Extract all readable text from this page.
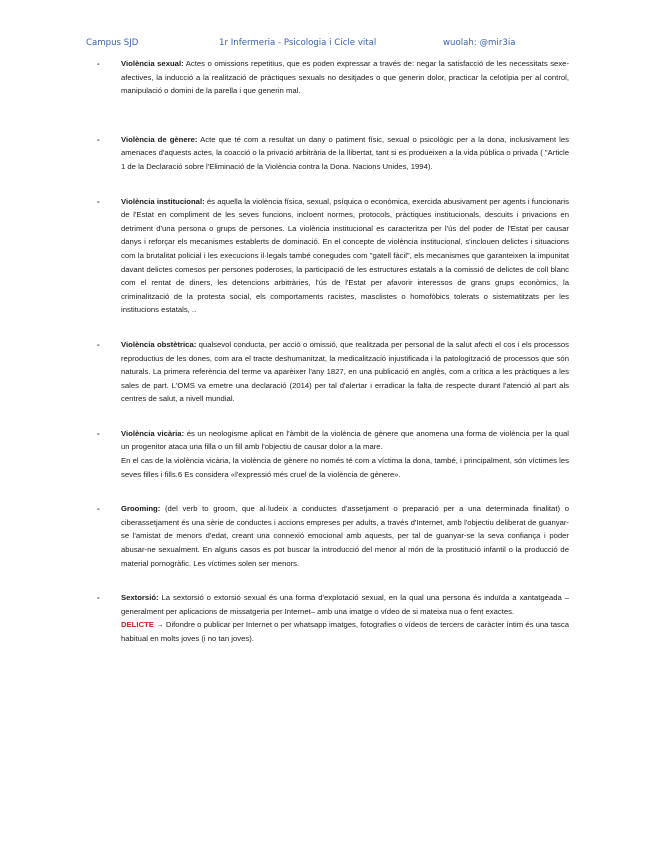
Campus SJD	1r Infermeria - Psicologia i Cicle vital	wuolah: @mir3ia
-	Violència sexual: Actes o omissions repetitius, que es poden expressar a través de: negar la satisfacció de les necessitats sexe-afectives, la inducció a la realització de pràctiques sexuals no desitjades o que generin dolor, practicar la celotípia per al control, manipulació o domini de la parella i que generin mal.
-	Violència de gènere: Acte que té com a resultat un dany o patiment físic, sexual o psicològic per a la dona, inclusivament les amenaces d'aquests actes, la coacció o la privació arbitrària de la llibertat, tant si es produeixen a la vida pública o privada ( "Article 1 de la Declaració sobre l'Eliminació de la Violència contra la Dona. Nacions Unides, 1994).
-	Violència institucional: és aquella la violència física, sexual, psíquica o econòmica, exercida abusivament per agents i funcionaris de l'Estat en compliment de les seves funcions, incloent normes, protocols, pràctiques institucionals, descuits i privacions en detriment d'una persona o grups de persones. La violència institucional es caracteritza per l'ús del poder de l'Estat per causar danys i reforçar els mecanismes establerts de dominació. En el concepte de violència institucional, s'inclouen delictes i situacions com la brutalitat policial i les execucions il·legals també conegudes com "gatell fàcil", els mecanismes que garanteixen la impunitat davant delictes comesos per persones poderoses, la participació de les estructures estatals a la comissió de delictes de coll blanc com el rentat de diners, les detencions arbitràries, l'ús de l'Estat per afavorir interessos de grans grups econòmics, la criminalització de la protesta social, els comportaments racistes, masclistes o homofòbics tolerats o sistematitzats per les institucions estatals, ..
-	Violència obstètrica: qualsevol conducta, per acció o omissió, que realitzada per personal de la salut afecti el cos i els processos reproductius de les dones, com ara el tracte deshumanitzat, la medicalització injustificada i la patologització de processos que són naturals. La primera referència del terme va aparèixer l'any 1827, en una publicació en anglès, com a crítica a les pràctiques a les sales de part. L'OMS va emetre una declaració (2014) per tal d'alertar i erradicar la falta de respecte durant l'atenció al part als centres de salut, a nivell mundial.
-	Violència vicària: és un neologisme aplicat en l'àmbit de la violència de gènere que anomena una forma de violència per la qual un progenitor ataca una filla o un fill amb l'objectiu de causar dolor a la mare.
En el cas de la violència vicària, la violència de gènere no només té com a víctima la dona, també, i principalment, són víctimes les seves filles i fills.6 Es considera «l'expressió més cruel de la violència de gènere».
-	Grooming: (del verb to groom, que al·ludeix a conductes d'assetjament o preparació per a una determinada finalitat) o ciberassetjament és una sèrie de conductes i accions empreses per adults, a través d'Internet, amb l'objectiu deliberat de guanyar-se l'amistat de menors d'edat, creant una connexió emocional amb aquests, per tal de guanyar-se la seva confiança i poder abusar-ne sexualment. En alguns casos es pot buscar la introducció del menor al món de la prostitució infantil o la producció de material pornogràfic. Les víctimes solen ser menors.
-	Sextorsió: La sextorsió o extorsió sexual és una forma d'explotació sexual, en la qual una persona és induïda a xantatgeada –generalment per aplicacions de missatgeria per Internet– amb una imatge o vídeo de si mateixa nua o fent exactes.
DELICTE → Difondre o publicar per Internet o per whatsapp imatges, fotografies o vídeos de tercers de caràcter íntim és una tasca habitual en molts joves (i no tan joves).
